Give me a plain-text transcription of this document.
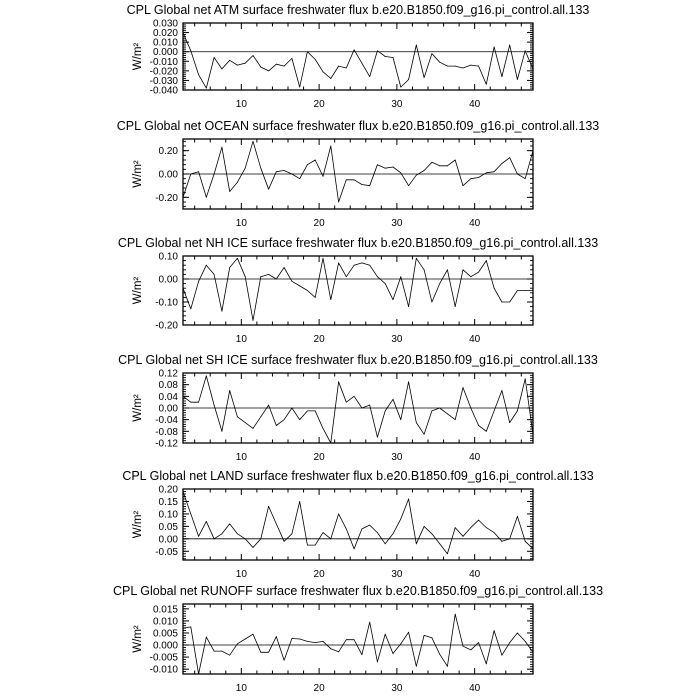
CPL Global net ATM surface freshwater flux b.e20.B1850.f09_g16.pi_control.all.133
W/m²
10	20	30	40
0.030
0.020
0.010
0.000
-0.010
-0.020
-0.030
-0.040
CPL Global net OCEAN surface freshwater flux b.e20.B1850.f09_g16.pi_control.all.133
W/m²
10	20	30	40
0.20
0.00
-0.20
CPL Global net NH ICE surface freshwater flux b.e20.B1850.f09_g16.pi_control.all.133
W/m²
10	20	30	40
0.10
0.00
-0.10
-0.20
CPL Global net SH ICE surface freshwater flux b.e20.B1850.f09_g16.pi_control.all.133
W/m²
10	20	30	40
0.12
0.08
0.04
0.00
-0.04
-0.08
-0.12
CPL Global net LAND surface freshwater flux b.e20.B1850.f09_g16.pi_control.all.133
W/m²
10	20	30	40
0.20
0.15
0.10
0.05
0.00
-0.05
CPL Global net RUNOFF surface freshwater flux b.e20.B1850.f09_g16.pi_control.all.133
W/m²
10	20	30	40
0.015
0.010
0.005
0.000
-0.005
-0.010
